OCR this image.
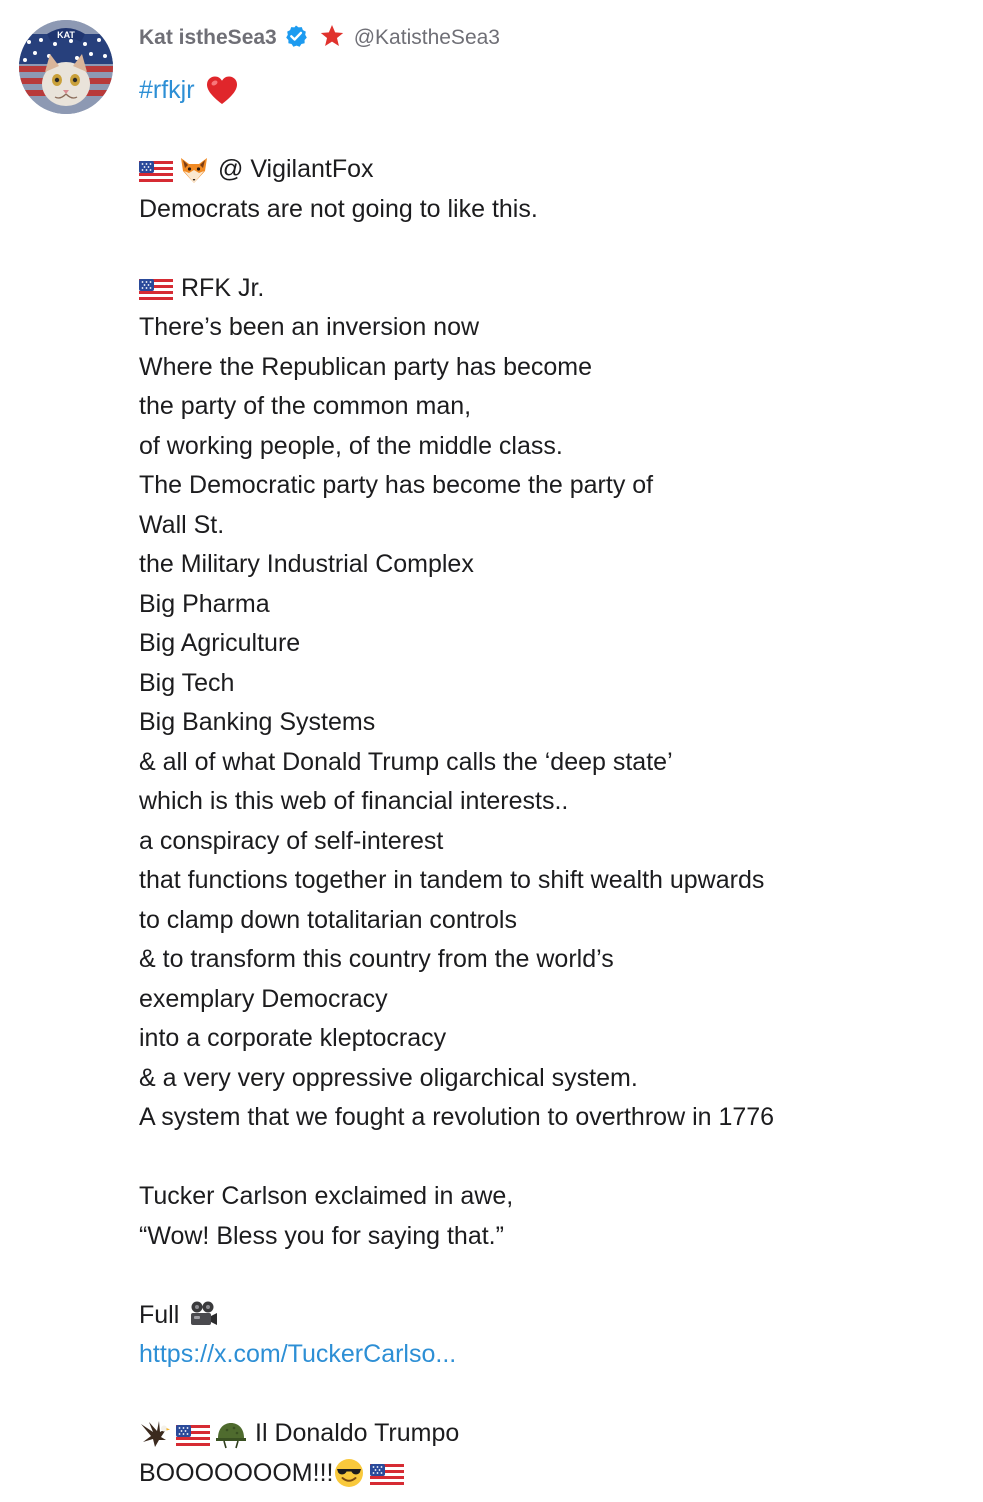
KAT	Kat istheSea3	@KatistheSea3
#rfkjr
@ VigilantFox
Democrats are not going to like this.
RFK Jr.
There’s been an inversion now
Where the Republican party has become
the party of the common man,
of working people, of the middle class.
The Democratic party has become the party of
Wall St.
the Military Industrial Complex
Big Pharma
Big Agriculture
Big Tech
Big Banking Systems
& all of what Donald Trump calls the ‘deep state’
which is this web of financial interests..
a conspiracy of self-interest
that functions together in tandem to shift wealth upwards
to clamp down totalitarian controls
& to transform this country from the world’s
exemplary Democracy
into a corporate kleptocracy
& a very very oppressive oligarchical system.
A system that we fought a revolution to overthrow in 1776
Tucker Carlson exclaimed in awe,
“Wow! Bless you for saying that.”
Full
https://x.com/TuckerCarlso...
Il Donaldo Trumpo
BOOOOOOOM!!!
